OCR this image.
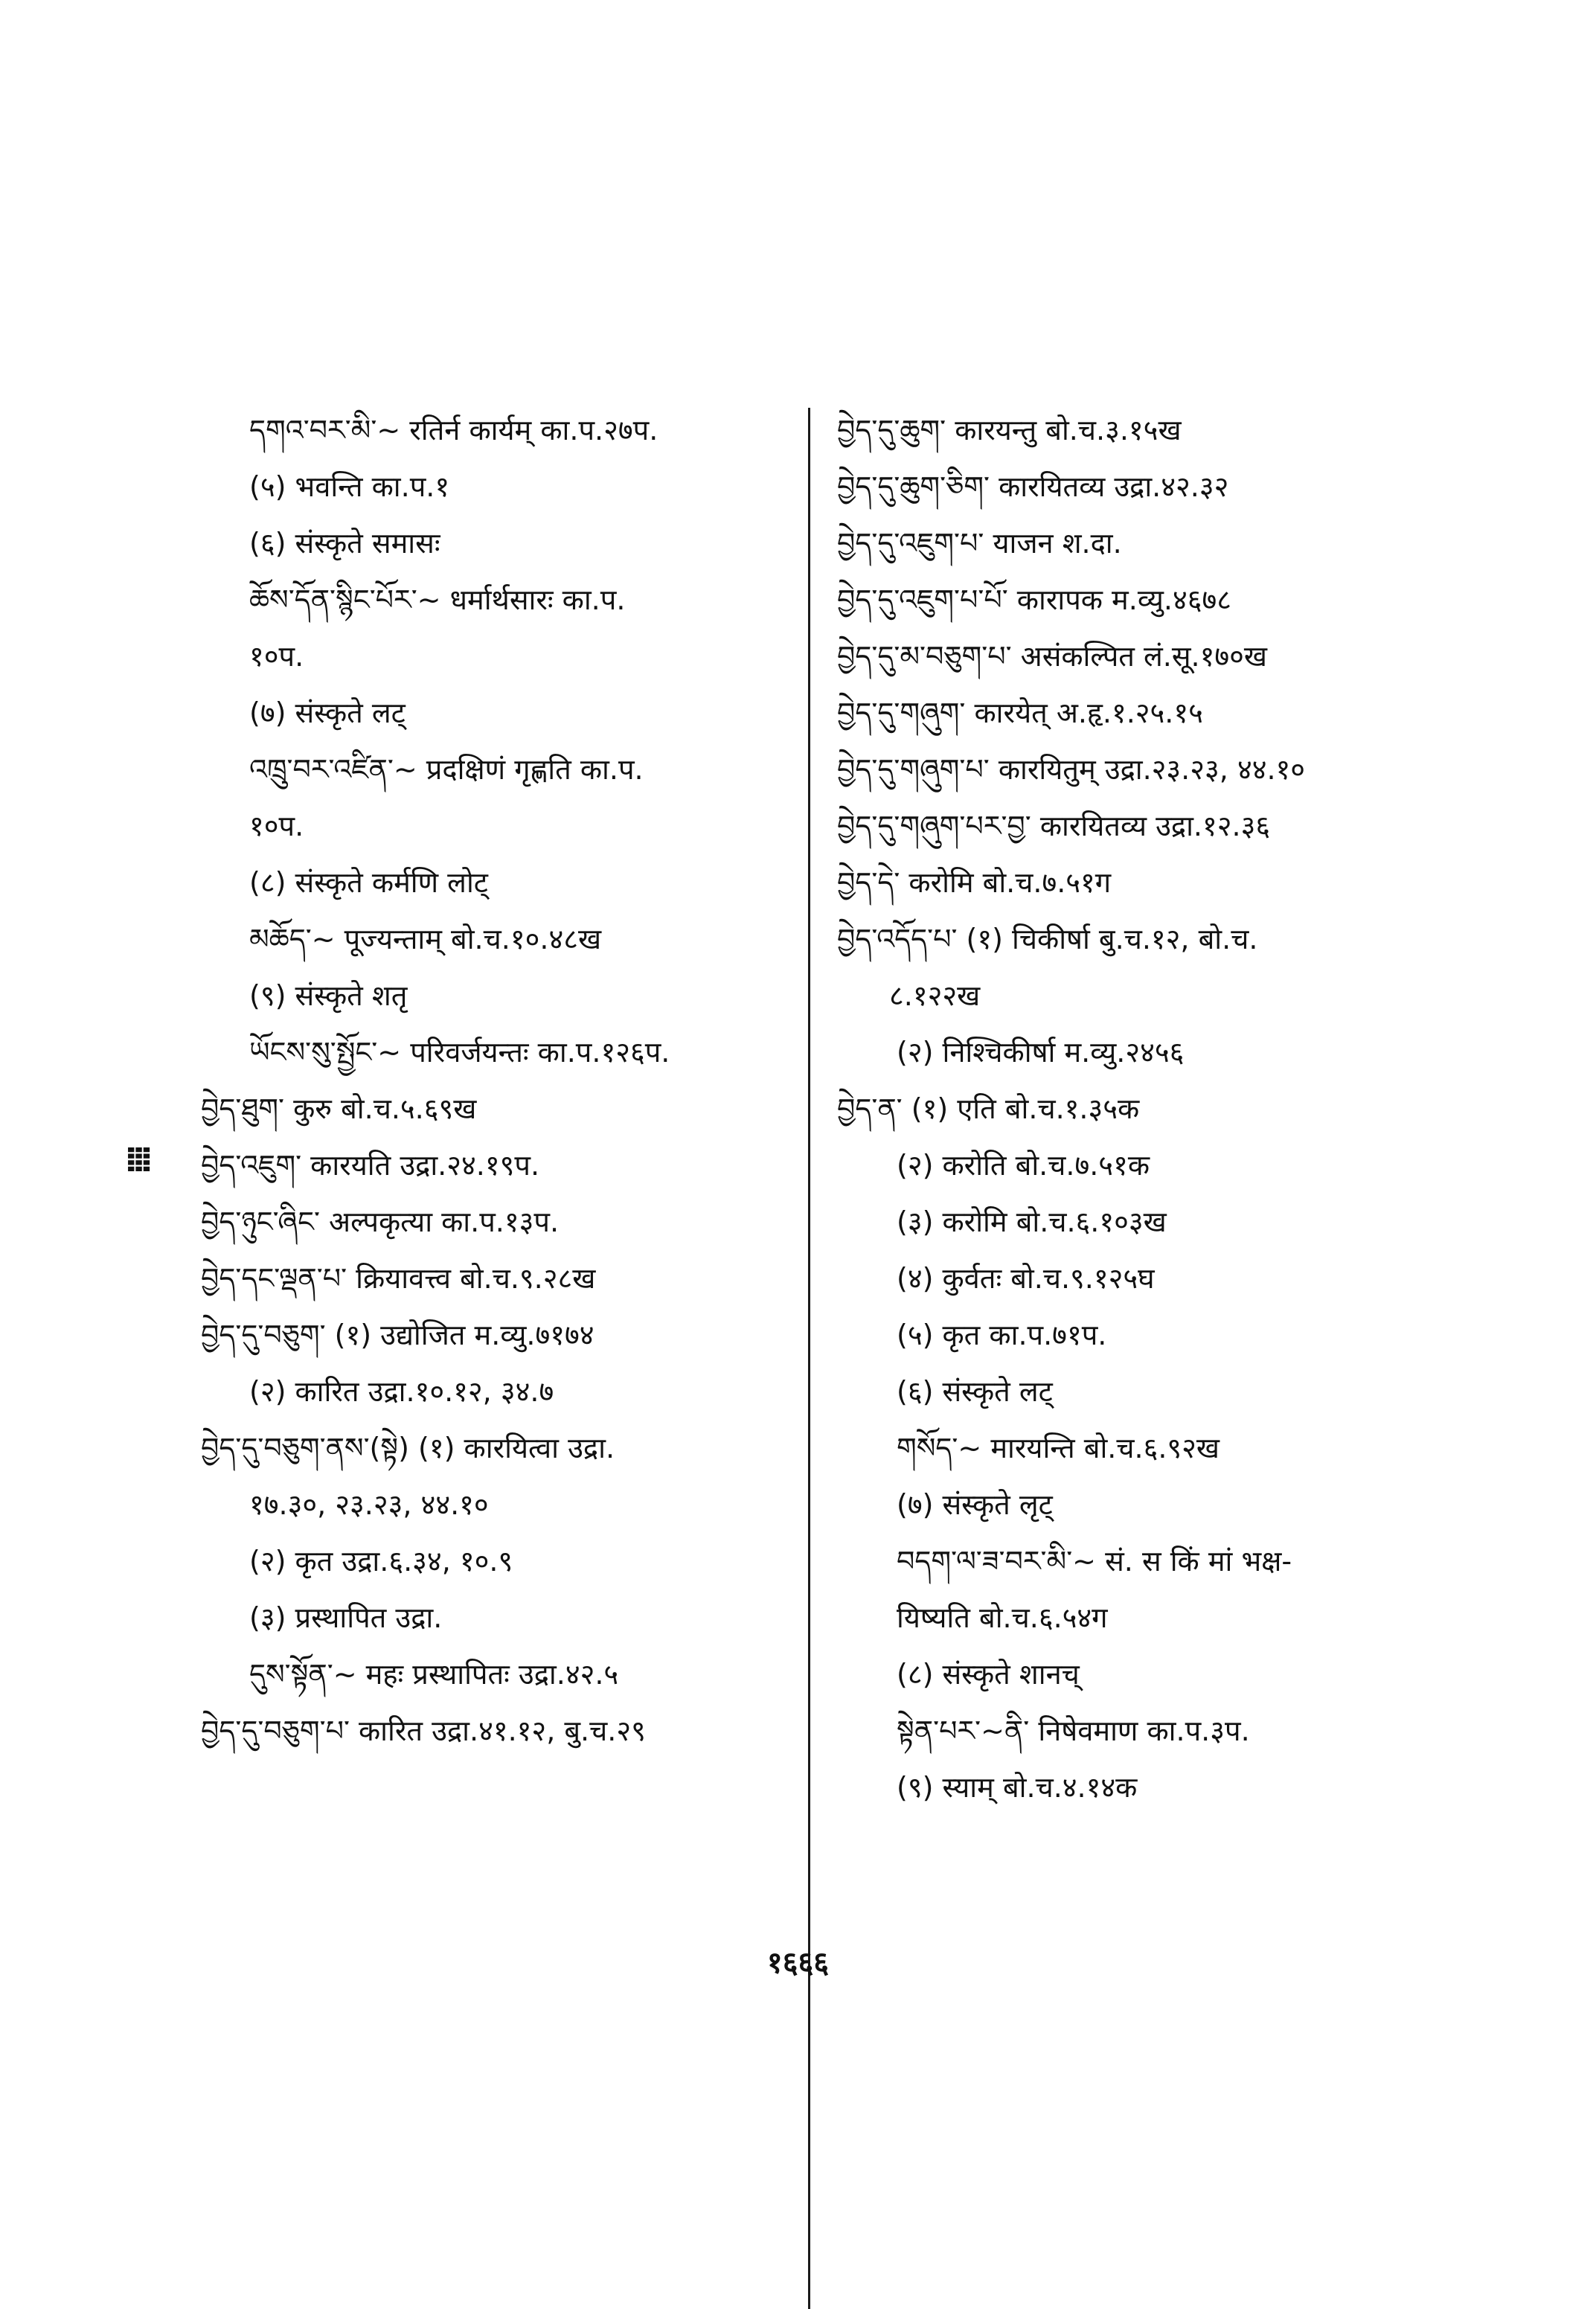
དགའ་བར་མི་~ रतिर्न कार्यम् का.प.२७प.
(५) भवन्ति का.प.१
(६) संस्कृते समासः
ཆོས་དོན་སྙིང་པོར་~ धर्मार्थसारः का.प.
१०प.
(७) संस्कृते लट्
འཁྲུ་བར་འཛིན་~ प्रदक्षिणं गृह्णति का.प.
१०प.
(८) संस्कृते कर्मणि लोट्
མཆོད་~ पूज्यन्ताम् बो.च.१०.४८ख
(९) संस्कृते शतृ
ཡོངས་སུ་སྤྱོང་~ परिवर्जयन्तः का.प.१२६प.
བྱེད་ཐུག་ कुरु बो.च.५.६९ख
བྱེད་འཇུག་ कारयति उद्रा.२४.१९प.
བྱེད་ཉུང་ཞིང་ अल्पकृत्या का.प.१३प.
བྱེད་དང་ལྡན་པ་ क्रियावत्त्व बो.च.९.२८ख
བྱེད་དུ་བཅུག་ (१) उद्योजित म.व्यु.७१७४
(२) कारित उद्रा.१०.१२, ३४.७
བྱེད་དུ་བཅུག་ནས་(སྟེ) (१) कारयित्वा उद्रा.
१७.३०, २३.२३, ४४.१०
(२) कृत उद्रा.६.३४, १०.९
(३) प्रस्थापित उद्रा.
དུས་སྟོན་~ महः प्रस्थापितः उद्रा.४२.५
བྱེད་དུ་བཅུག་པ་ कारित उद्रा.४१.१२, बु.च.२९
བྱེད་དུ་ཆུག་ कारयन्तु बो.च.३.१५ख
བྱེད་དུ་ཆུག་ཅིག་ कारयितव्य उद्रा.४२.३२
བྱེད་དུ་འཇུག་པ་ याजन श.दा.
བྱེད་དུ་འཇུག་པ་པོ་ कारापक म.व्यु.४६७८
བྱེད་དུ་མ་བཅུག་པ་ असंकल्पित लं.सू.१७०ख
བྱེད་དུ་གཞུག་ कारयेत् अ.हृ.१.२५.१५
བྱེད་དུ་གཞུག་པ་ कारयितुम् उद्रा.२३.२३, ४४.१०
བྱེད་དུ་གཞུག་པར་བྱ་ कारयितव्य उद्रा.१२.३६
བྱེད་དེ་ करोमि बो.च.७.५१ग
བྱེད་འདོད་པ་ (१) चिकीर्षा बु.च.१२, बो.च.
८.१२२ख
(२) निश्चिकीर्षा म.व्यु.२४५६
བྱེད་ན་ (१) एति बो.च.१.३५क
(२) करोति बो.च.७.५१क
(३) करोमि बो.च.६.१०३ख
(४) कुर्वतः बो.च.९.१२५घ
(५) कृत का.प.७१प.
(६) संस्कृते लट्
གསོད་~ मारयन्ति बो.च.६.९२ख
(७) संस्कृते लृट्
བདག་ལ་ཟ་བར་མི་~ सं. स किं मां भक्ष-
यिष्यति बो.च.६.५४ग
(८) संस्कृते शानच्
སྟེན་པར་~ནི་ निषेवमाण का.प.३प.
(९) स्याम् बो.च.४.१४क
ⵂⵂⵂ
१६६६
